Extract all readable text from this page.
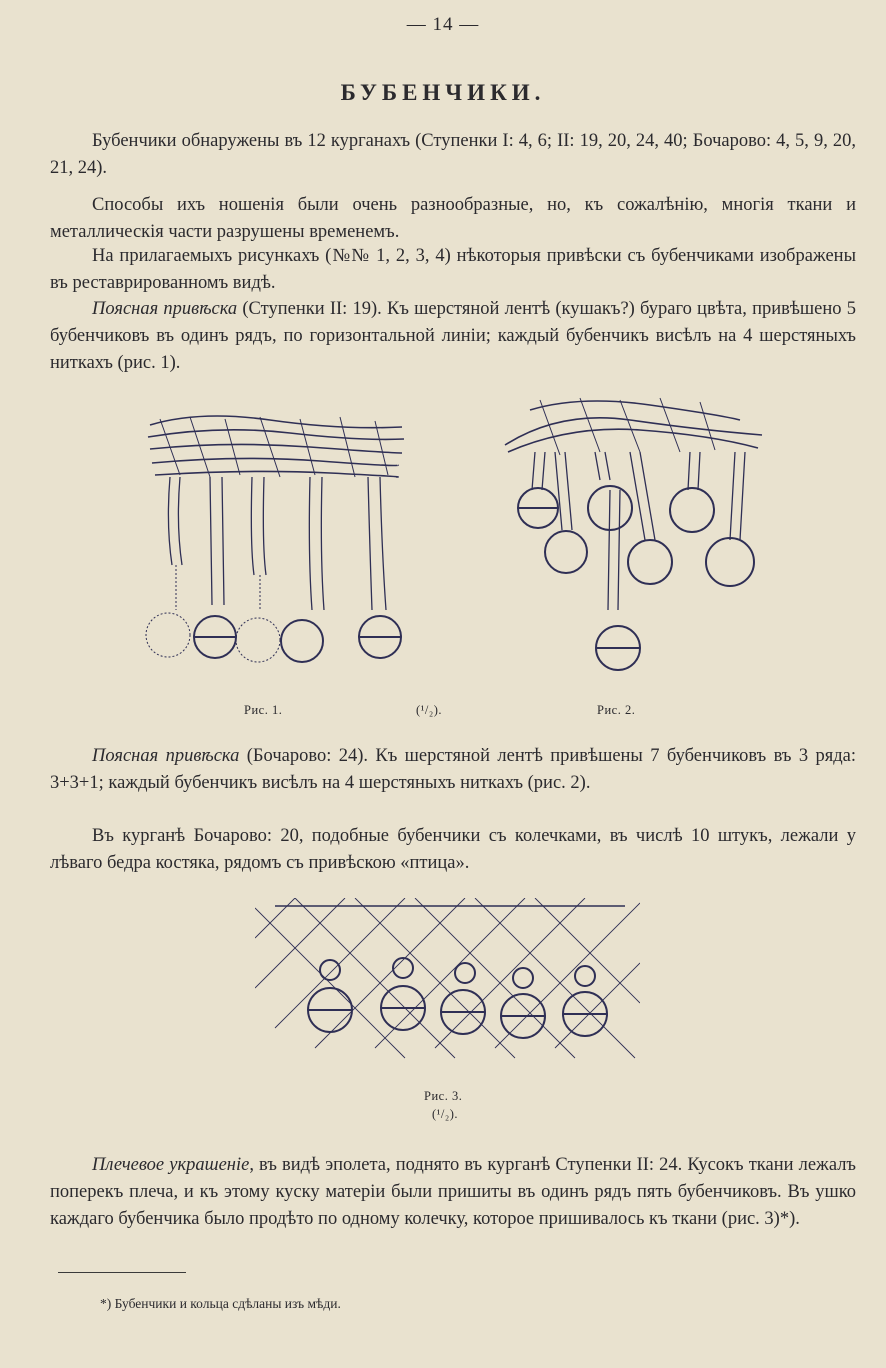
— 14 —
БУБЕНЧИКИ.
Бубенчики обнаружены въ 12 курганахъ (Ступенки I: 4, 6; II: 19, 20, 24, 40; Бочарово: 4, 5, 9, 20, 21, 24).
Способы ихъ ношенія были очень разнообразные, но, къ сожалѣнію, многія ткани и металлическія части разрушены временемъ.
На прилагаемыхъ рисункахъ (№№ 1, 2, 3, 4) нѣкоторыя привѣски съ бубенчиками изображены въ реставрированномъ видѣ.
Поясная привѣска (Ступенки II: 19). Къ шерстяной лентѣ (кушакъ?) бураго цвѣта, привѣшено 5 бубенчиковъ въ одинъ рядъ, по горизонтальной линіи; каждый бубенчикъ висѣлъ на 4 шерстяныхъ ниткахъ (рис. 1).
Рис. 1.	(¹/₂).	Рис. 2.
Поясная привѣска (Бочарово: 24). Къ шерстяной лентѣ привѣшены 7 бубенчиковъ въ 3 ряда: 3+3+1; каждый бубенчикъ висѣлъ на 4 шерстяныхъ ниткахъ (рис. 2).
Въ курганѣ Бочарово: 20, подобные бубенчики съ колечками, въ числѣ 10 штукъ, лежали у лѣваго бедра костяка, рядомъ съ привѣскою «птица».
Рис. 3.
(¹/₂).
Плечевое украшеніе, въ видѣ эполета, поднято въ курганѣ Ступенки II: 24. Кусокъ ткани лежалъ поперекъ плеча, и къ этому куску матеріи были пришиты въ одинъ рядъ пять бубенчиковъ. Въ ушко каждаго бубенчика было продѣто по одному колечку, которое пришивалось къ ткани (рис. 3)*).
*) Бубенчики и кольца сдѣланы изъ мѣди.
